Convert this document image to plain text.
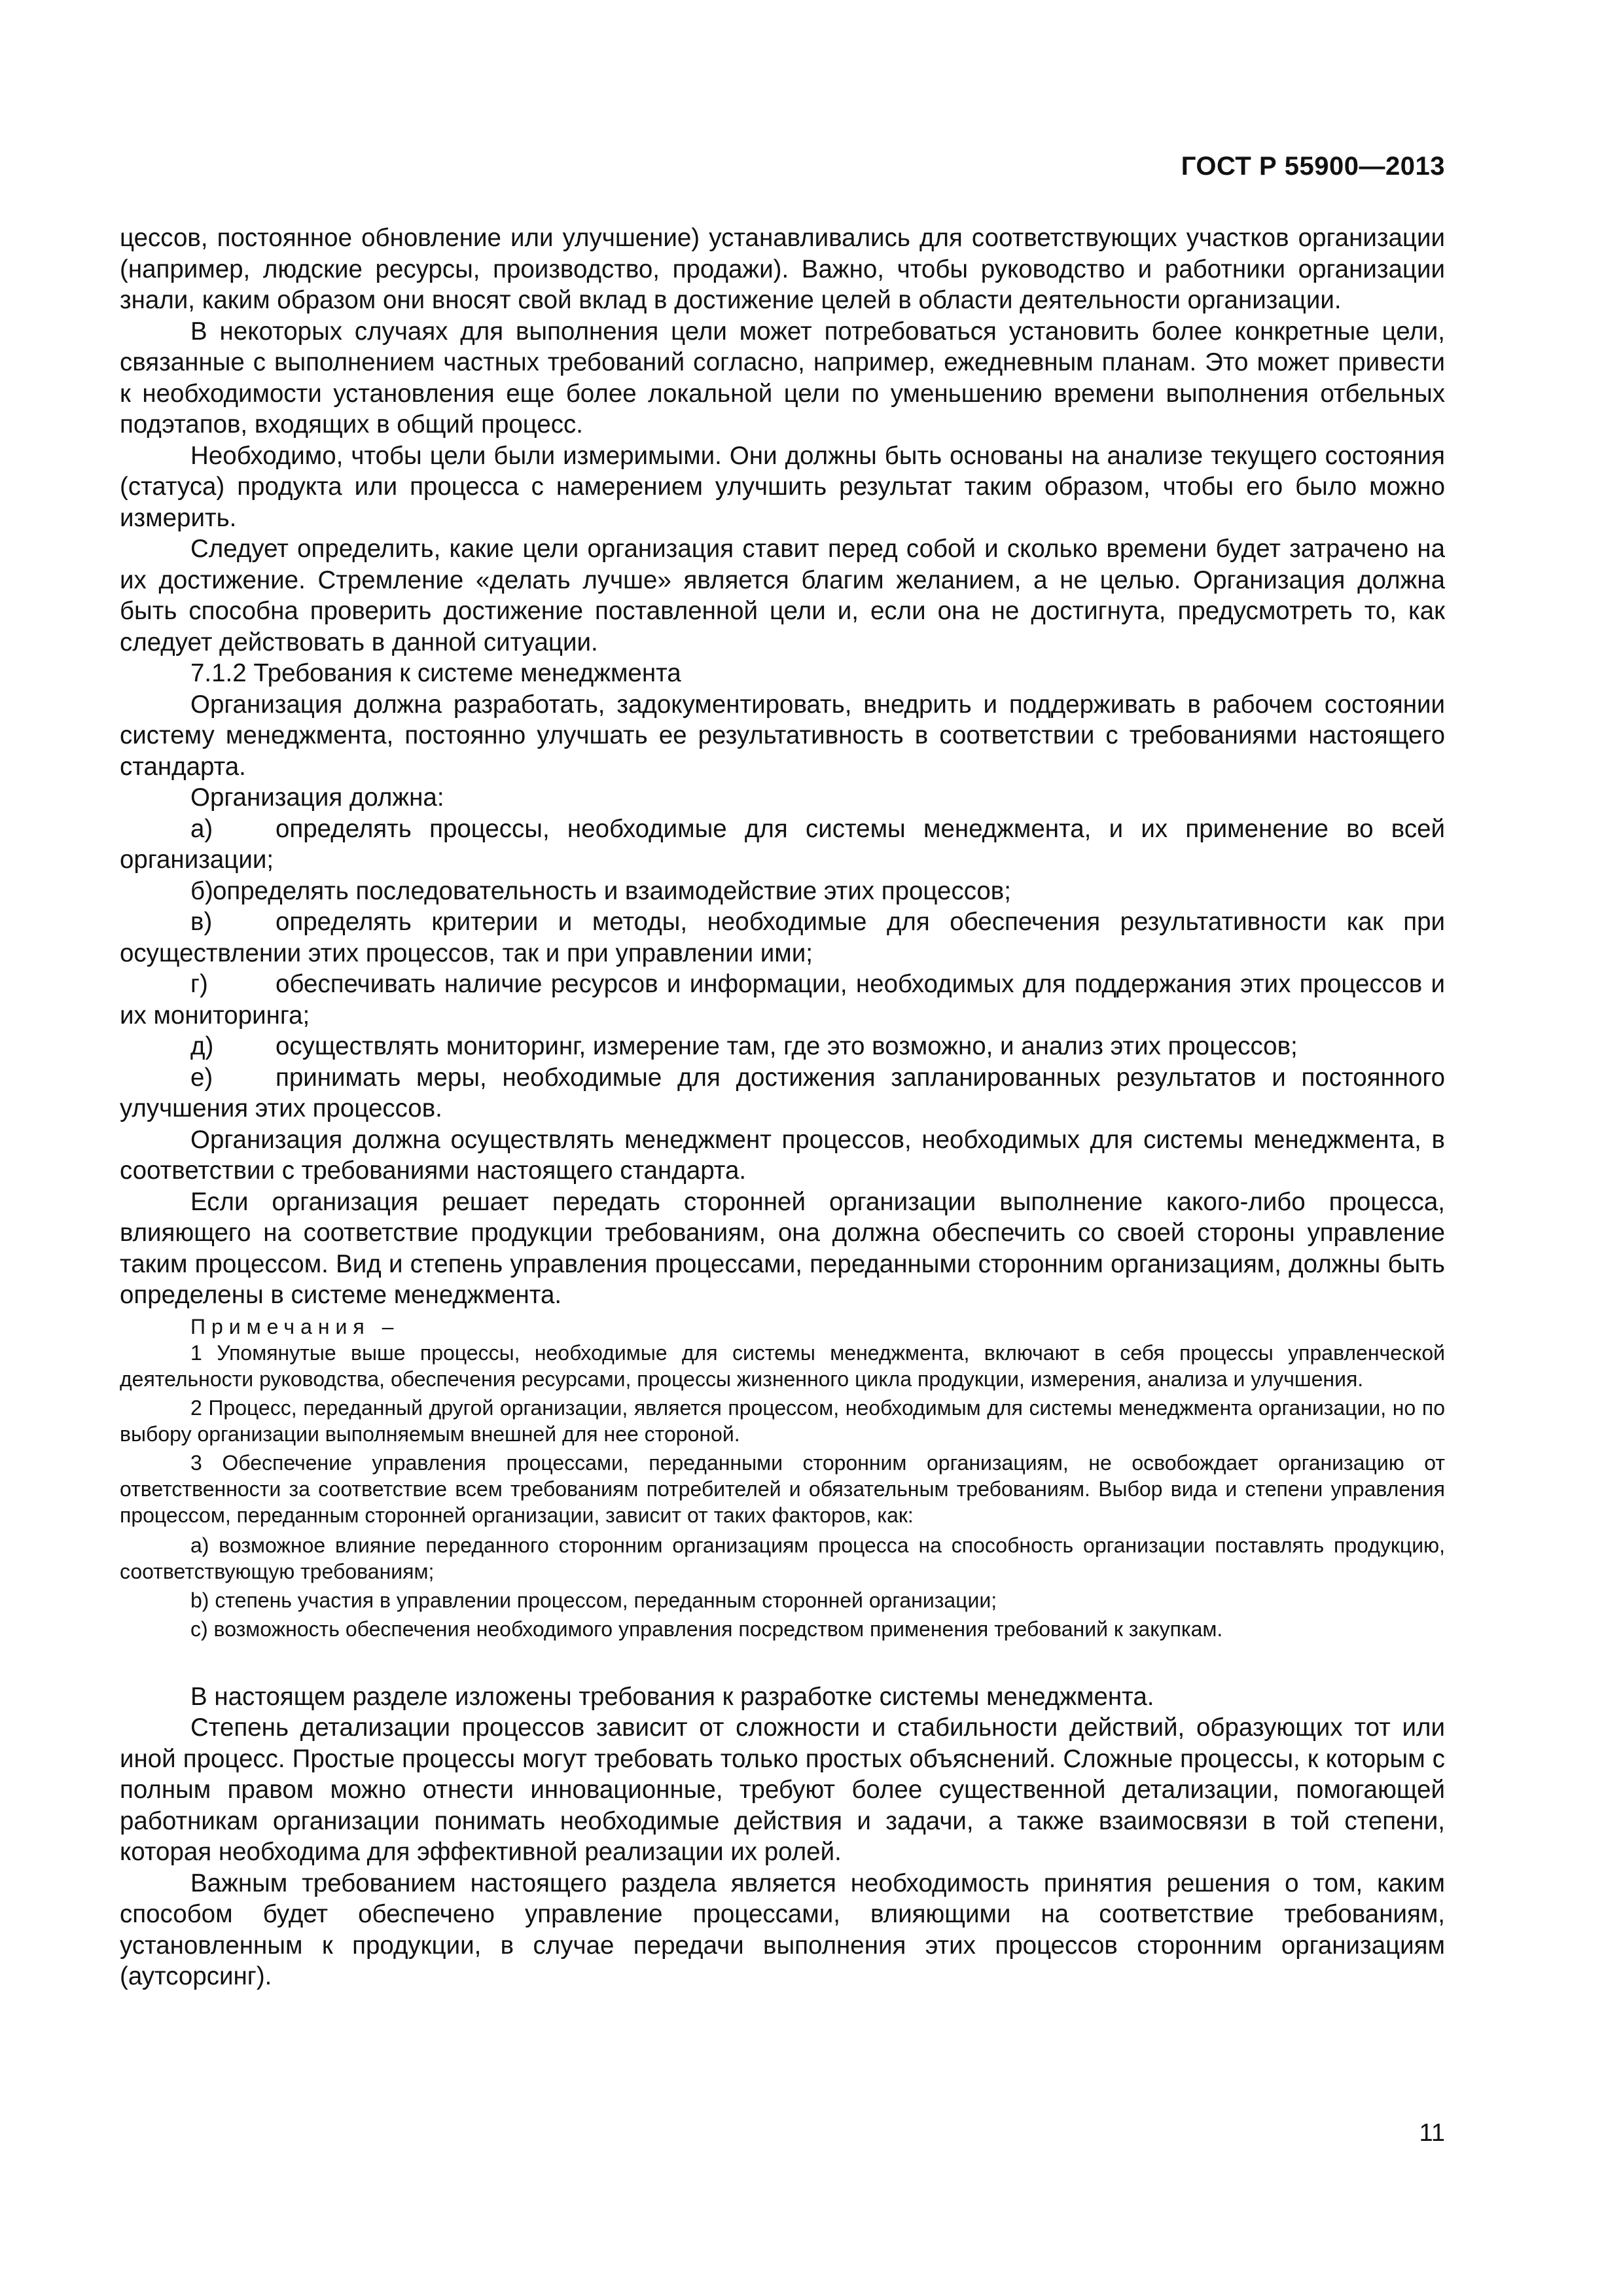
ГОСТ Р 55900—2013

цессов, постоянное обновление или улучшение) устанавливались для соответствующих участков организации (например, людские ресурсы, производство, продажи). Важно, чтобы руководство и работники организации знали, каким образом они вносят свой вклад в достижение целей в области деятельности организации.

В некоторых случаях для выполнения цели может потребоваться установить более конкретные цели, связанные с выполнением частных требований согласно, например, ежедневным планам. Это может привести к необходимости установления еще более локальной цели по уменьшению времени выполнения отбельных подэтапов, входящих в общий процесс.

Необходимо, чтобы цели были измеримыми. Они должны быть основаны на анализе текущего состояния (статуса) продукта или процесса с намерением улучшить результат таким образом, чтобы его было можно измерить.

Следует определить, какие цели организация ставит перед собой и сколько времени будет затрачено на их достижение. Стремление «делать лучше» является благим желанием, а не целью. Организация должна быть способна проверить достижение поставленной цели и, если она не достигнута, предусмотреть то, как следует действовать в данной ситуации.

7.1.2 Требования к системе менеджмента

Организация должна разработать, задокументировать, внедрить и поддерживать в рабочем состоянии систему менеджмента, постоянно улучшать ее результативность в соответствии с требованиями настоящего стандарта.

Организация должна:

а) определять процессы, необходимые для системы менеджмента, и их применение во всей организации;

б)определять последовательность и взаимодействие этих процессов;

в)	определять критерии и методы, необходимые для обеспечения результативности как при осуществлении этих процессов, так и при управлении ими;

г)	обеспечивать наличие ресурсов и информации, необходимых для поддержания этих процессов и их мониторинга;

д) осуществлять мониторинг, измерение там, где это возможно, и анализ этих процессов;

е) принимать меры, необходимые для достижения запланированных результатов и постоянного улучшения этих процессов.

Организация должна осуществлять менеджмент процессов, необходимых для системы менеджмента, в соответствии с требованиями настоящего стандарта.

Если организация решает передать сторонней организации выполнение какого-либо процесса, влияющего на соответствие продукции требованиям, она должна обеспечить со своей стороны управление таким процессом. Вид и степень управления процессами, переданными сторонним организациям, должны быть определены в системе менеджмента.

Примечания –

1 Упомянутые выше процессы, необходимые для системы менеджмента, включают в себя процессы управленческой деятельности руководства, обеспечения ресурсами, процессы жизненного цикла продукции, измерения, анализа и улучшения.

2 Процесс, переданный другой организации, является процессом, необходимым для системы менеджмента организации, но по выбору организации выполняемым внешней для нее стороной.

3 Обеспечение управления процессами, переданными сторонним организациям, не освобождает организацию от ответственности за соответствие всем требованиям потребителей и обязательным требованиям. Выбор вида и степени управления процессом, переданным сторонней организации, зависит от таких факторов, как:

a) возможное влияние переданного сторонним организациям процесса на способность организации поставлять продукцию, соответствующую требованиям;

b) степень участия в управлении процессом, переданным сторонней организации;

c) возможность обеспечения необходимого управления посредством применения требований к закупкам.

В настоящем разделе изложены требования к разработке системы менеджмента.

Степень детализации процессов зависит от сложности и стабильности действий, образующих тот или иной процесс. Простые процессы могут требовать только простых объяснений. Сложные процессы, к которым с полным правом можно отнести инновационные, требуют более существенной детализации, помогающей работникам организации понимать необходимые действия и задачи, а также взаимосвязи в той степени, которая необходима для эффективной реализации их ролей.

Важным требованием настоящего раздела является необходимость принятия решения о том, каким способом будет обеспечено управление процессами, влияющими на соответствие требованиям, установленным к продукции, в случае передачи выполнения этих процессов сторонним организациям (аутсорсинг).

11
